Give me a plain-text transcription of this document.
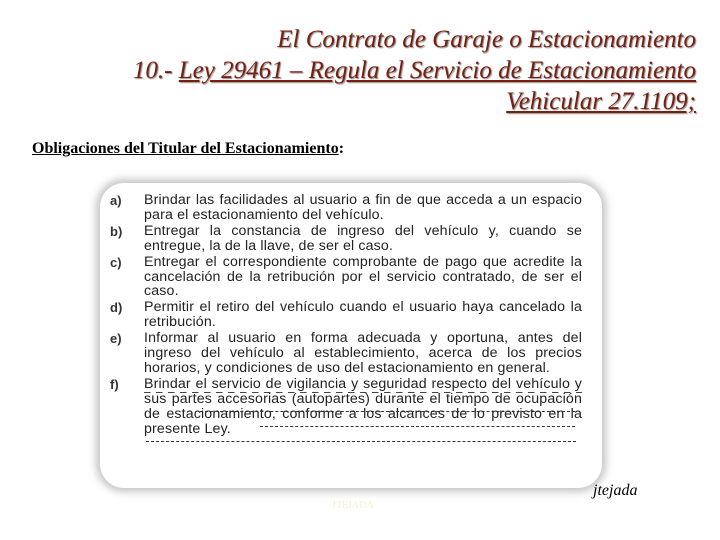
El Contrato de Garaje o Estacionamiento
10.- Ley 29461 – Regula el Servicio de Estacionamiento
Vehicular 27.1109;
Obligaciones del Titular del Estacionamiento:
a) Brindar las facilidades al usuario a fin de que acceda a un espacio para el estacionamiento del vehículo.
b) Entregar la constancia de ingreso del vehículo y, cuando se entregue, la de la llave, de ser el caso.
c) Entregar el correspondiente comprobante de pago que acredite la cancelación de la retribución por el servicio contratado, de ser el caso.
d) Permitir el retiro del vehículo cuando el usuario haya cancelado la retribución.
e) Informar al usuario en forma adecuada y oportuna, antes del ingreso del vehículo al establecimiento, acerca de los precios horarios, y condiciones de uso del estacionamiento en general.
f) Brindar el servicio de vigilancia y seguridad respecto del vehículo y sus partes accesorias (autopartes) durante el tiempo de ocupación de estacionamiento, conforme a los alcances de lo previsto en la presente Ley.
jtejada
JTEJADA
